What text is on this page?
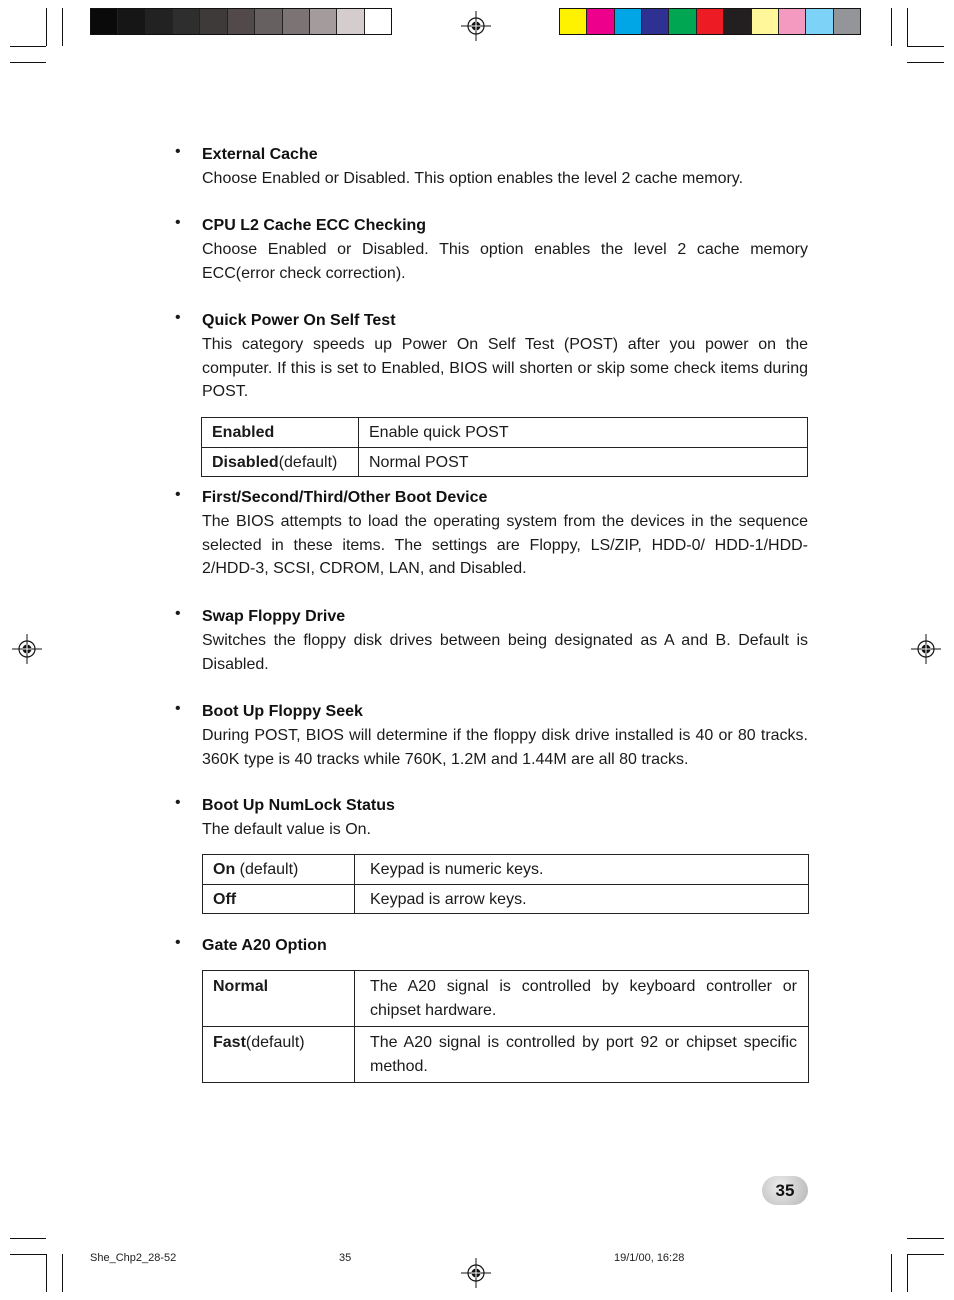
• External Cache
Choose Enabled or Disabled. This option enables the level 2 cache memory.
• CPU L2 Cache ECC Checking
Choose Enabled or Disabled. This option enables the level 2 cache memory ECC(error check correction).
• Quick Power On Self Test
This category speeds up Power On Self Test (POST) after you power on the computer. If this is set to Enabled, BIOS will shorten or skip some check items during POST.
Enabled	Enable quick POST
Disabled(default)	Normal POST
• First/Second/Third/Other Boot Device
The BIOS attempts to load the operating system from the devices in the sequence selected in these items. The settings are Floppy, LS/ZIP, HDD-0/ HDD-1/HDD-2/HDD-3, SCSI, CDROM, LAN, and Disabled.
• Swap Floppy Drive
Switches the floppy disk drives between being designated as A and B. Default is Disabled.
• Boot Up Floppy Seek
During POST, BIOS will determine if the floppy disk drive installed is 40 or 80 tracks. 360K type is 40 tracks while 760K, 1.2M and 1.44M are all 80 tracks.
• Boot Up NumLock Status
The default value is On.
On (default)	Keypad is numeric keys.
Off	Keypad is arrow keys.
• Gate A20 Option
Normal	The A20 signal is controlled by keyboard controller or chipset hardware.
Fast(default)	The A20 signal is controlled by port 92 or chipset specific method.
35
She_Chp2_28-52	35	19/1/00, 16:28
